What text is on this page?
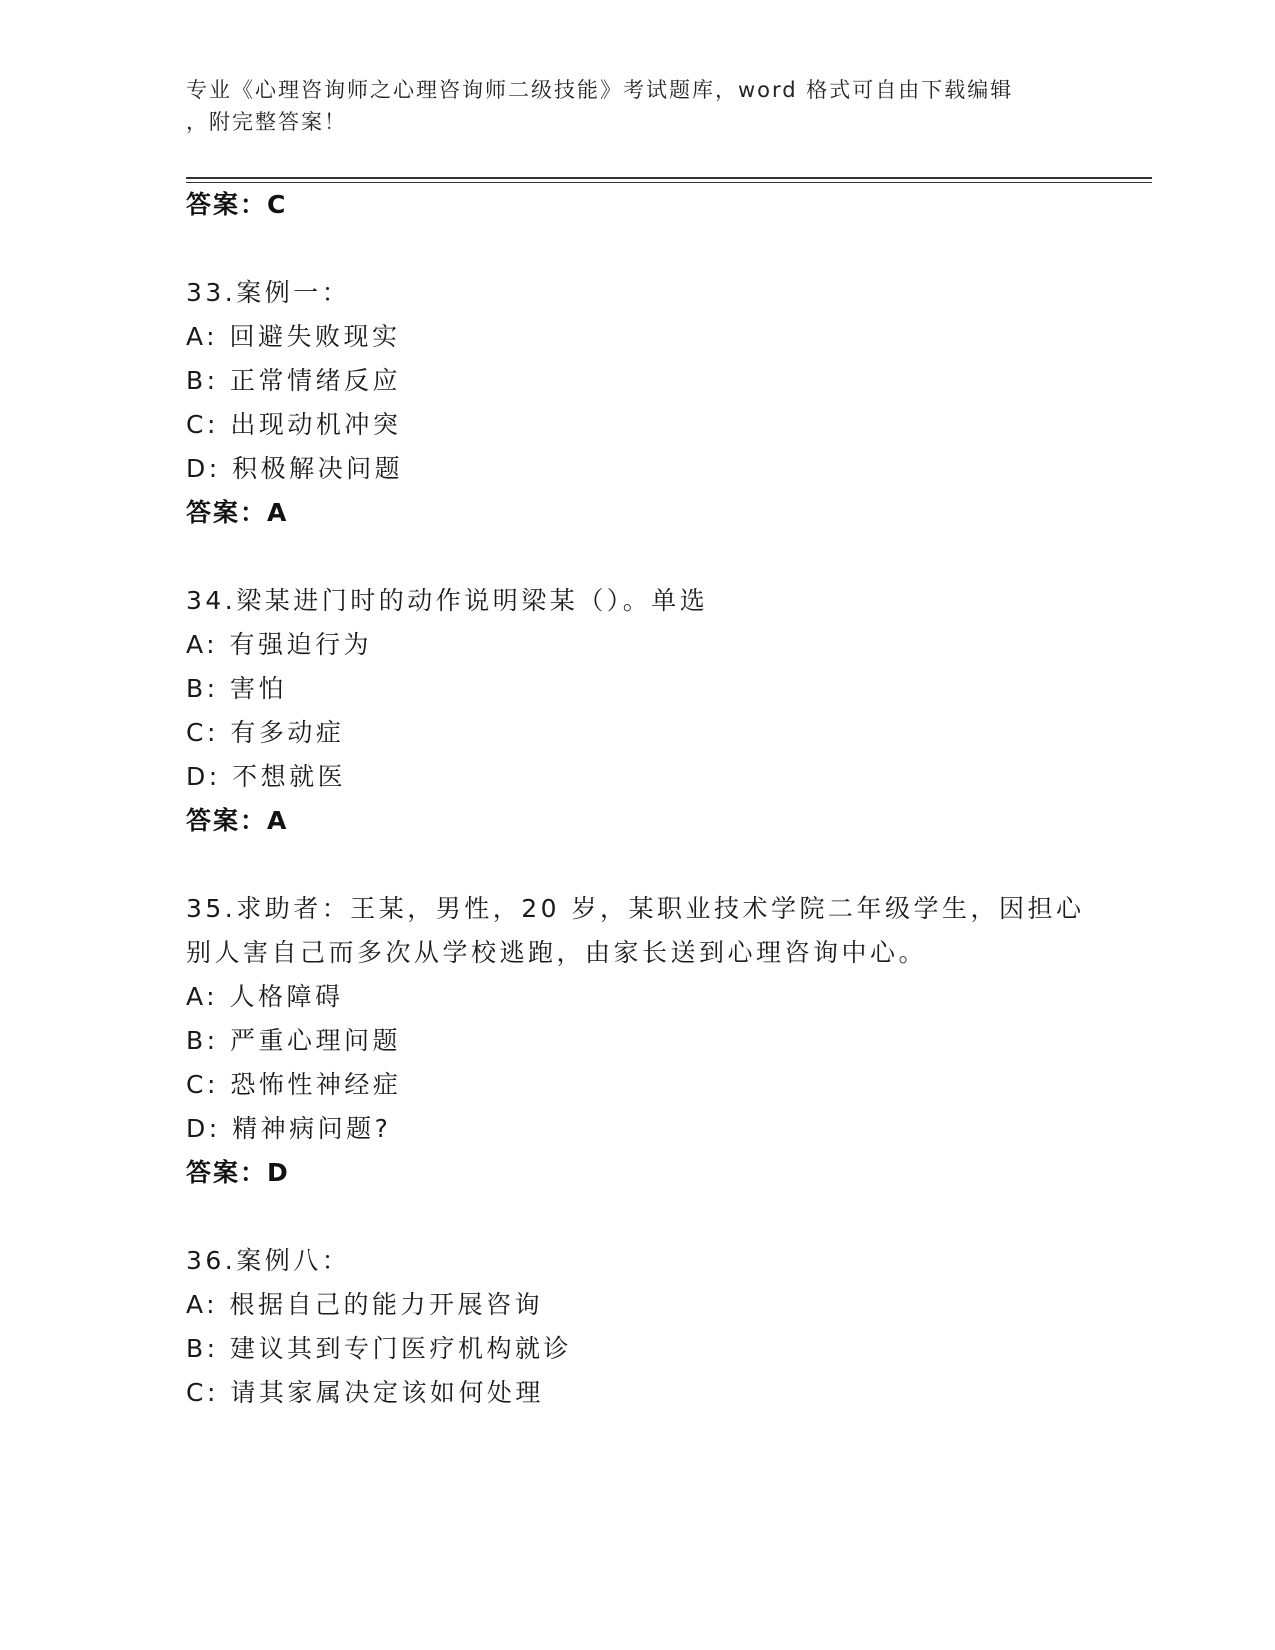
专业《心理咨询师之心理咨询师二级技能》考试题库，word 格式可自由下载编辑
，附完整答案！
答案：C
33.案例一：
A: 回避失败现实
B: 正常情绪反应
C: 出现动机冲突
D: 积极解决问题
答案：A
34.梁某进门时的动作说明梁某（）。单选
A: 有强迫行为
B: 害怕
C: 有多动症
D: 不想就医
答案：A
35.求助者：王某，男性，20 岁，某职业技术学院二年级学生，因担心
别人害自己而多次从学校逃跑，由家长送到心理咨询中心。
A: 人格障碍
B: 严重心理问题
C: 恐怖性神经症
D: 精神病问题?
答案：D
36.案例八：
A: 根据自己的能力开展咨询
B: 建议其到专门医疗机构就诊
C: 请其家属决定该如何处理
